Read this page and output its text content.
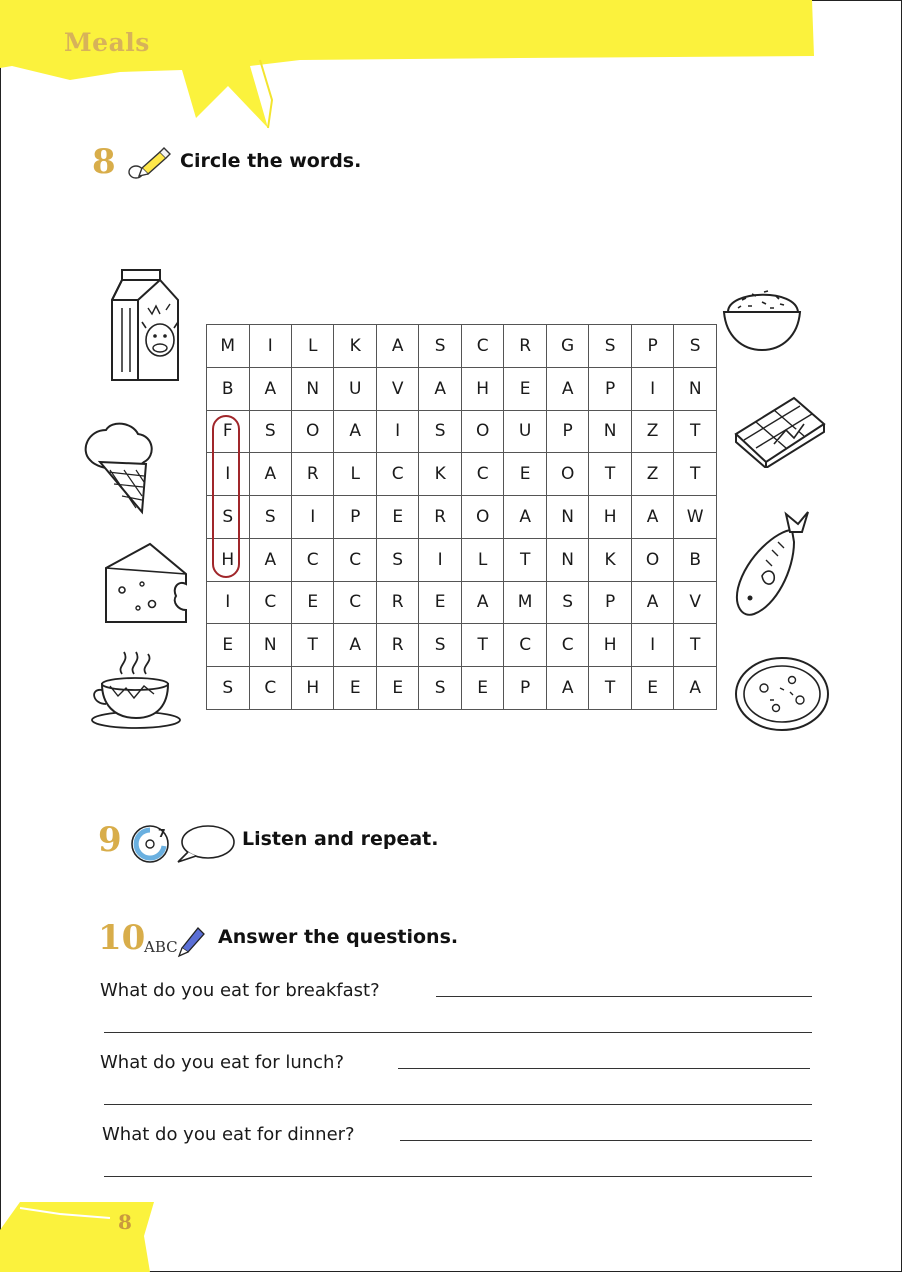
Meals
8	Circle the words.
M	I	L	K	A	S	C	R	G	S	P	S
B	A	N	U	V	A	H	E	A	P	I	N
F	S	O	A	I	S	O	U	P	N	Z	T
I	A	R	L	C	K	C	E	O	T	Z	T
S	S	I	P	E	R	O	A	N	H	A	W
H	A	C	C	S	I	L	T	N	K	O	B
I	C	E	C	R	E	A	M	S	P	A	V
E	N	T	A	R	S	T	C	C	H	I	T
S	C	H	E	E	S	E	P	A	T	E	A
9	7	Listen and repeat.
10
ABC Answer the questions.
What do you eat for breakfast?
What do you eat for lunch?
What do you eat for dinner?
8
